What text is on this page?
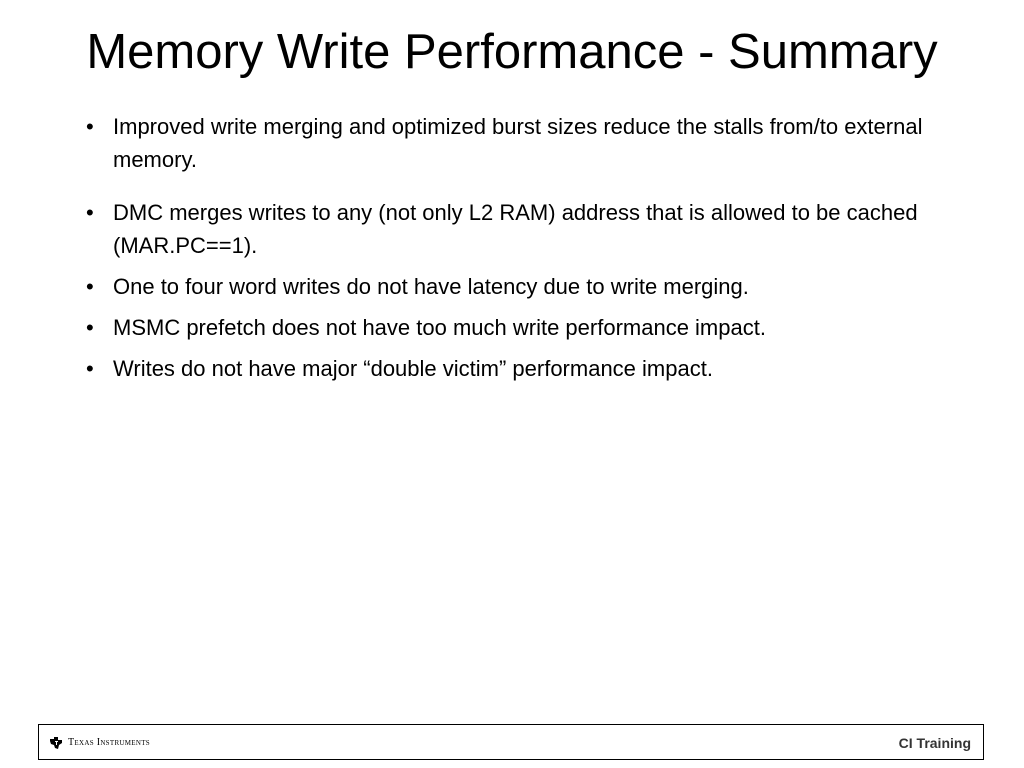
Memory Write Performance - Summary
• Improved write merging and optimized burst sizes reduce the stalls from/to external memory.
• DMC merges writes to any (not only L2 RAM) address that is allowed to be cached (MAR.PC==1).
• One to four word writes do not have latency due to write merging.
• MSMC prefetch does not have too much write performance impact.
• Writes do not have major “double victim” performance impact.
Texas Instruments	CI Training
